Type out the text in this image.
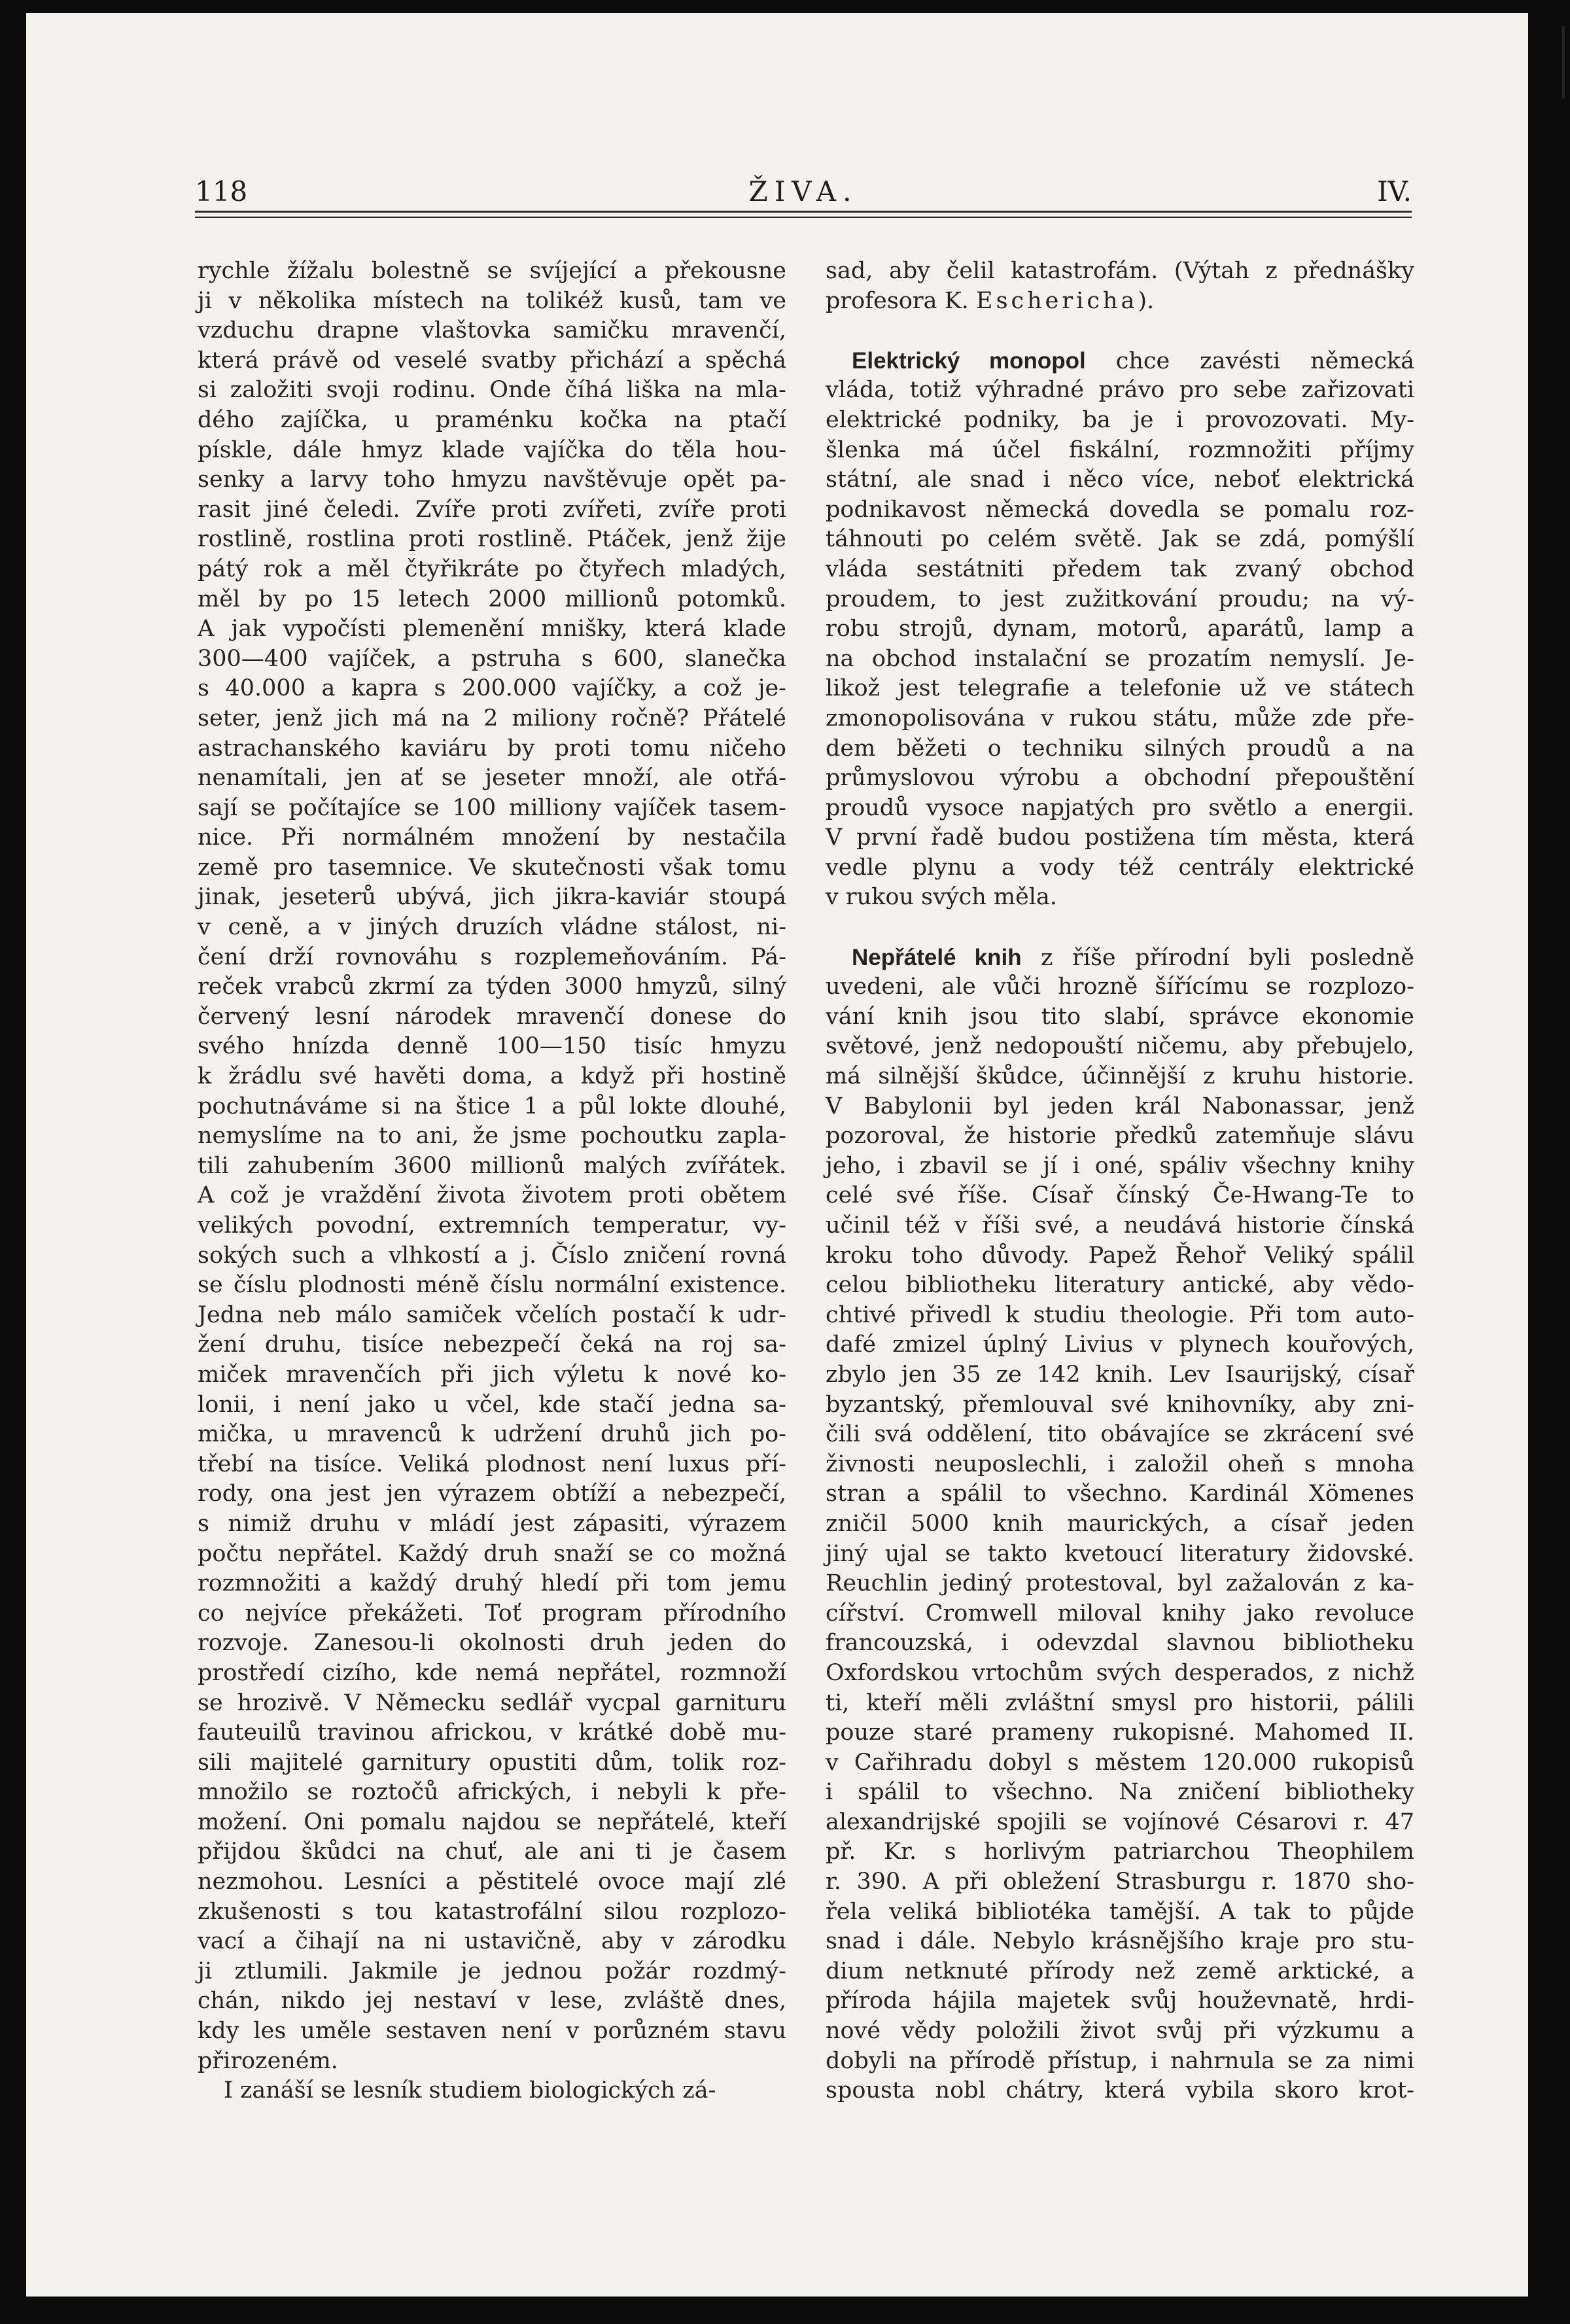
118	ŽIVA.	IV.
rychle žížalu bolestně se svíjející a překousne
ji v několika místech na tolikéž kusů, tam ve
vzduchu drapne vlaštovka samičku mravenčí,
která právě od veselé svatby přichází a spěchá
si založiti svoji rodinu. Onde číhá liška na mla-
dého zajíčka, u praménku kočka na ptačí
pískle, dále hmyz klade vajíčka do těla hou-
senky a larvy toho hmyzu navštěvuje opět pa-
rasit jiné čeledi. Zvíře proti zvířeti, zvíře proti
rostlině, rostlina proti rostlině. Ptáček, jenž žije
pátý rok a měl čtyřikráte po čtyřech mladých,
měl by po 15 letech 2000 millionů potomků.
A jak vypočísti plemenění mnišky, která klade
300—400 vajíček, a pstruha s 600, slanečka
s 40.000 a kapra s 200.000 vajíčky, a což je-
seter, jenž jich má na 2 miliony ročně? Přátelé
astrachanského kaviáru by proti tomu ničeho
nenamítali, jen ať se jeseter množí, ale otřá-
sají se počítajíce se 100 milliony vajíček tasem-
nice. Při normálném množení by nestačila
země pro tasemnice. Ve skutečnosti však tomu
jinak, jeseterů ubývá, jich jikra-kaviár stoupá
v ceně, a v jiných druzích vládne stálost, ni-
čení drží rovnováhu s rozplemeňováním. Pá-
reček vrabců zkrmí za týden 3000 hmyzů, silný
červený lesní národek mravenčí donese do
svého hnízda denně 100—150 tisíc hmyzu
k žrádlu své havěti doma, a když při hostině
pochutnáváme si na štice 1 a půl lokte dlouhé,
nemyslíme na to ani, že jsme pochoutku zapla-
tili zahubením 3600 millionů malých zvířátek.
A což je vraždění života životem proti obětem
velikých povodní, extremních temperatur, vy-
sokých such a vlhkostí a j. Číslo zničení rovná
se číslu plodnosti méně číslu normální existence.
Jedna neb málo samiček včelích postačí k udr-
žení druhu, tisíce nebezpečí čeká na roj sa-
miček mravenčích při jich výletu k nové ko-
lonii, i není jako u včel, kde stačí jedna sa-
mička, u mravenců k udržení druhů jich po-
třebí na tisíce. Veliká plodnost není luxus pří-
rody, ona jest jen výrazem obtíží a nebezpečí,
s nimiž druhu v mládí jest zápasiti, výrazem
počtu nepřátel. Každý druh snaží se co možná
rozmnožiti a každý druhý hledí při tom jemu
co nejvíce překážeti. Toť program přírodního
rozvoje. Zanesou-li okolnosti druh jeden do
prostředí cizího, kde nemá nepřátel, rozmnoží
se hrozivě. V Německu sedlář vycpal garnituru
fauteuilů travinou africkou, v krátké době mu-
sili majitelé garnitury opustiti dům, tolik roz-
množilo se roztočů afrických, i nebyli k pře-
možení. Oni pomalu najdou se nepřátelé, kteří
přijdou škůdci na chuť, ale ani ti je časem
nezmohou. Lesníci a pěstitelé ovoce mají zlé
zkušenosti s tou katastrofální silou rozplozo-
vací a čihají na ni ustavičně, aby v zárodku
ji ztlumili. Jakmile je jednou požár rozdmý-
chán, nikdo jej nestaví v lese, zvláště dnes,
kdy les uměle sestaven není v porůzném stavu
přirozeném.
I zanáší se lesník studiem biologických zá-
sad, aby čelil katastrofám. (Výtah z přednášky
profesora K. Eschericha).
Elektrický monopol chce zavésti německá
vláda, totiž výhradné právo pro sebe zařizovati
elektrické podniky, ba je i provozovati. My-
šlenka má účel fiskální, rozmnožiti příjmy
státní, ale snad i něco více, neboť elektrická
podnikavost německá dovedla se pomalu roz-
táhnouti po celém světě. Jak se zdá, pomýšlí
vláda sestátniti předem tak zvaný obchod
proudem, to jest zužitkování proudu; na vý-
robu strojů, dynam, motorů, aparátů, lamp a
na obchod instalační se prozatím nemyslí. Je-
likož jest telegrafie a telefonie už ve státech
zmonopolisována v rukou státu, může zde pře-
dem běžeti o techniku silných proudů a na
průmyslovou výrobu a obchodní přepouštění
proudů vysoce napjatých pro světlo a energii.
V první řadě budou postižena tím města, která
vedle plynu a vody též centrály elektrické
v rukou svých měla.
Nepřátelé knih z říše přírodní byli posledně
uvedeni, ale vůči hrozně šířícímu se rozplozo-
vání knih jsou tito slabí, správce ekonomie
světové, jenž nedopouští ničemu, aby přebujelo,
má silnější škůdce, účinnější z kruhu historie.
V Babylonii byl jeden král Nabonassar, jenž
pozoroval, že historie předků zatemňuje slávu
jeho, i zbavil se jí i oné, spáliv všechny knihy
celé své říše. Císař čínský Če-Hwang-Te to
učinil též v říši své, a neudává historie čínská
kroku toho důvody. Papež Řehoř Veliký spálil
celou bibliotheku literatury antické, aby vědo-
chtivé přivedl k studiu theologie. Při tom auto-
dafé zmizel úplný Livius v plynech kouřových,
zbylo jen 35 ze 142 knih. Lev Isaurijský, císař
byzantský, přemlouval své knihovníky, aby zni-
čili svá oddělení, tito obávajíce se zkrácení své
živnosti neuposlechli, i založil oheň s mnoha
stran a spálil to všechno. Kardinál Xömenes
zničil 5000 knih maurických, a císař jeden
jiný ujal se takto kvetoucí literatury židovské.
Reuchlin jediný protestoval, byl zažalován z ka-
cířství. Cromwell miloval knihy jako revoluce
francouzská, i odevzdal slavnou bibliotheku
Oxfordskou vrtochům svých desperados, z nichž
ti, kteří měli zvláštní smysl pro historii, pálili
pouze staré prameny rukopisné. Mahomed II.
v Cařihradu dobyl s městem 120.000 rukopisů
i spálil to všechno. Na zničení bibliotheky
alexandrijské spojili se vojínové Césarovi r. 47
př. Kr. s horlivým patriarchou Theophilem
r. 390. A při obležení Strasburgu r. 1870 sho-
řela veliká bibliotéka tamější. A tak to půjde
snad i dále. Nebylo krásnějšího kraje pro stu-
dium netknuté přírody než země arktické, a
příroda hájila majetek svůj houževnatě, hrdi-
nové vědy položili život svůj při výzkumu a
dobyli na přírodě přístup, i nahrnula se za nimi
spousta nobl chátry, která vybila skoro krot-
